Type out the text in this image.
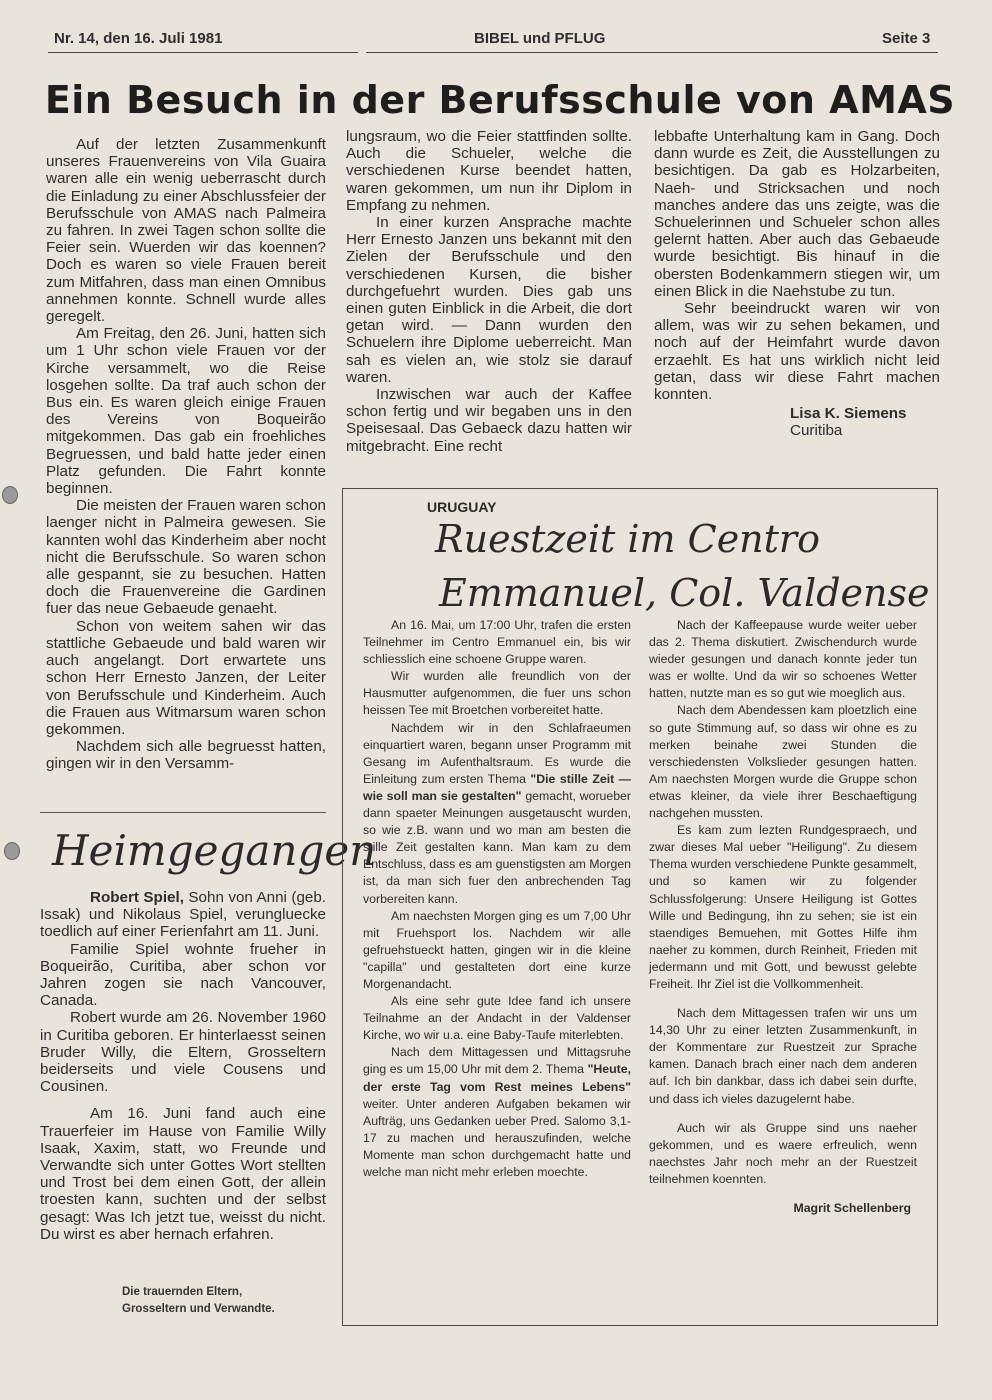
Nr. 14, den 16. Juli 1981	BIBEL und PFLUG	Seite 3
Ein Besuch in der Berufsschule von AMAS

Auf der letzten Zusammenkunft unseres Frauenvereins von Vila Guaira waren alle ein wenig ueberrascht durch die Einladung zu einer Abschlussfeier der Berufsschule von AMAS nach Palmeira zu fahren. In zwei Tagen schon sollte die Feier sein. Wuerden wir das koennen? Doch es waren so viele Frauen bereit zum Mitfahren, dass man einen Omnibus annehmen konnte. Schnell wurde alles geregelt.

Am Freitag, den 26. Juni, hatten sich um 1 Uhr schon viele Frauen vor der Kirche versammelt, wo die Reise losgehen sollte. Da traf auch schon der Bus ein. Es waren gleich einige Frauen des Vereins von Boqueirão mitgekommen. Das gab ein froehliches Begruessen, und bald hatte jeder einen Platz gefunden. Die Fahrt konnte beginnen.

Die meisten der Frauen waren schon laenger nicht in Palmeira gewesen. Sie kannten wohl das Kinderheim aber nocht nicht die Berufsschule. So waren schon alle gespannt, sie zu besuchen. Hatten doch die Frauenvereine die Gardinen fuer das neue Gebaeude genaeht.

Schon von weitem sahen wir das stattliche Gebaeude und bald waren wir auch angelangt. Dort erwartete uns schon Herr Ernesto Janzen, der Leiter von Berufsschule und Kinderheim. Auch die Frauen aus Witmarsum waren schon gekommen.

Nachdem sich alle begruesst hatten, gingen wir in den Versamm-

lungsraum, wo die Feier stattfinden sollte. Auch die Schueler, welche die verschiedenen Kurse beendet hatten, waren gekommen, um nun ihr Diplom in Empfang zu nehmen.

In einer kurzen Ansprache machte Herr Ernesto Janzen uns bekannt mit den Zielen der Berufsschule und den verschiedenen Kursen, die bisher durchgefuehrt wurden. Dies gab uns einen guten Einblick in die Arbeit, die dort getan wird. — Dann wurden den Schuelern ihre Diplome ueberreicht. Man sah es vielen an, wie stolz sie darauf waren.

Inzwischen war auch der Kaffee schon fertig und wir begaben uns in den Speisesaal. Das Gebaeck dazu hatten wir mitgebracht. Eine recht

lebbafte Unterhaltung kam in Gang. Doch dann wurde es Zeit, die Ausstellungen zu besichtigen. Da gab es Holzarbeiten, Naeh- und Stricksachen und noch manches andere das uns zeigte, was die Schuelerinnen und Schueler schon alles gelernt hatten. Aber auch das Gebaeude wurde besichtigt. Bis hinauf in die obersten Bodenkammern stiegen wir, um einen Blick in die Naehstube zu tun.

Sehr beeindruckt waren wir von allem, was wir zu sehen bekamen, und noch auf der Heimfahrt wurde davon erzaehlt. Es hat uns wirklich nicht leid getan, dass wir diese Fahrt machen konnten.

Lisa K. Siemens
Curitiba
Heimgegangen

Robert Spiel, Sohn von Anni (geb. Issak) und Nikolaus Spiel, verungluecke toedlich auf einer Ferienfahrt am 11. Juni.

Familie Spiel wohnte frueher in Boqueirão, Curitiba, aber schon vor Jahren zogen sie nach Vancouver, Canada.

Robert wurde am 26. November 1960 in Curitiba geboren. Er hinterlaesst seinen Bruder Willy, die Eltern, Grosseltern beiderseits und viele Cousens und Cousinen.

Am 16. Juni fand auch eine Trauerfeier im Hause von Familie Willy Isaak, Xaxim, statt, wo Freunde und Verwandte sich unter Gottes Wort stellten und Trost bei dem einen Gott, der allein troesten kann, suchten und der selbst gesagt: Was Ich jetzt tue, weisst du nicht. Du wirst es aber hernach erfahren.

Die trauernden Eltern,
Grosseltern und Verwandte.
URUGUAY
Ruestzeit im Centro
Emmanuel, Col. Valdense

An 16. Mai, um 17:00 Uhr, trafen die ersten Teilnehmer im Centro Emmanuel ein, bis wir schliesslich eine schoene Gruppe waren.

Wir wurden alle freundlich von der Hausmutter aufgenommen, die fuer uns schon heissen Tee mit Broetchen vorbereitet hatte.

Nachdem wir in den Schlafraeumen einquartiert waren, begann unser Programm mit Gesang im Aufenthaltsraum. Es wurde die Einleitung zum ersten Thema "Die stille Zeit — wie soll man sie gestalten" gemacht, worueber dann spaeter Meinungen ausgetauscht wurden, so wie z.B. wann und wo man am besten die stille Zeit gestalten kann. Man kam zu dem Entschluss, dass es am guenstigsten am Morgen ist, da man sich fuer den anbrechenden Tag vorbereiten kann.

Am naechsten Morgen ging es um 7,00 Uhr mit Fruehsport los. Nachdem wir alle gefruehstueckt hatten, gingen wir in die kleine "capilla" und gestalteten dort eine kurze Morgenandacht.

Als eine sehr gute Idee fand ich unsere Teilnahme an der Andacht in der Valdenser Kirche, wo wir u.a. eine Baby-Taufe miterlebten.

Nach dem Mittagessen und Mittagsruhe ging es um 15,00 Uhr mit dem 2. Thema "Heute, der erste Tag vom Rest meines Lebens" weiter. Unter anderen Aufgaben bekamen wir Aufträg, uns Gedanken ueber Pred. Salomo 3,1-17 zu machen und herauszufinden, welche Momente man schon durchgemacht hatte und welche man nicht mehr erleben moechte.

Nach der Kaffeepause wurde weiter ueber das 2. Thema diskutiert. Zwischendurch wurde wieder gesungen und danach konnte jeder tun was er wollte. Und da wir so schoenes Wetter hatten, nutzte man es so gut wie moeglich aus.

Nach dem Abendessen kam ploetzlich eine so gute Stimmung auf, so dass wir ohne es zu merken beinahe zwei Stunden die verschiedensten Volkslieder gesungen hatten. Am naechsten Morgen wurde die Gruppe schon etwas kleiner, da viele ihrer Beschaeftigung nachgehen mussten.

Es kam zum lezten Rundgespraech, und zwar dieses Mal ueber "Heiligung". Zu diesem Thema wurden verschiedene Punkte gesammelt, und so kamen wir zu folgender Schlussfolgerung: Unsere Heiligung ist Gottes Wille und Bedingung, ihn zu sehen; sie ist ein staendiges Bemuehen, mit Gottes Hilfe ihm naeher zu kommen, durch Reinheit, Frieden mit jedermann und mit Gott, und bewusst gelebte Freiheit. Ihr Ziel ist die Vollkommenheit.

Nach dem Mittagessen trafen wir uns um 14,30 Uhr zu einer letzten Zusammenkunft, in der Kommentare zur Ruestzeit zur Sprache kamen. Danach brach einer nach dem anderen auf. Ich bin dankbar, dass ich dabei sein durfte, und dass ich vieles dazugelernt habe.

Auch wir als Gruppe sind uns naeher gekommen, und es waere erfreulich, wenn naechstes Jahr noch mehr an der Ruestzeit teilnehmen koennten.

Magrit Schellenberg
